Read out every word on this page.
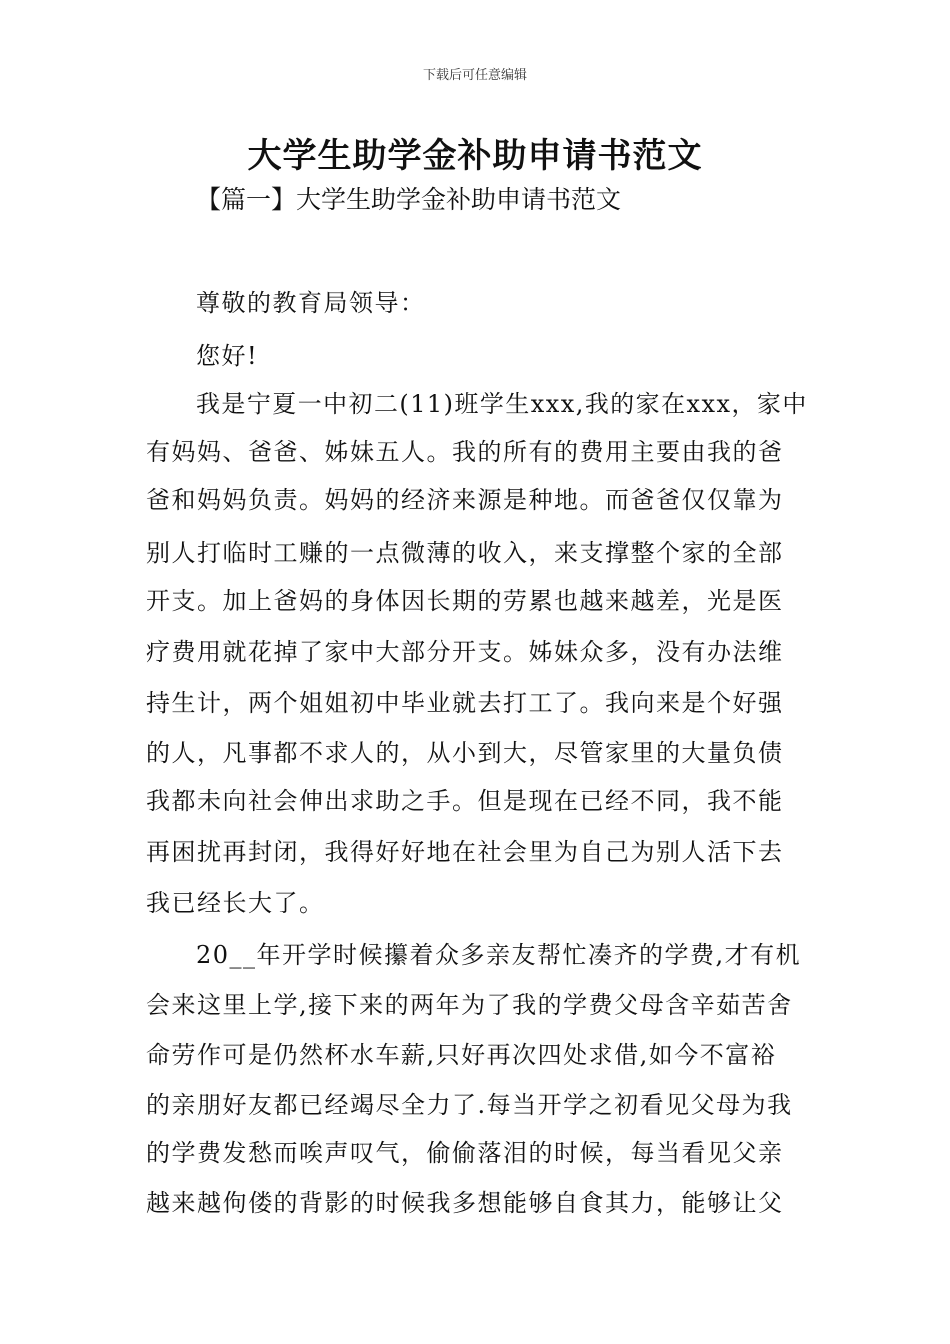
下载后可任意编辑
大学生助学金补助申请书范文
【篇一】大学生助学金补助申请书范文
尊敬的教育局领导：
您好!
我是宁夏一中初二(11)班学生xxx,我的家在xxx，家中
有妈妈、爸爸、姊妹五人。我的所有的费用主要由我的爸
爸和妈妈负责。妈妈的经济来源是种地。而爸爸仅仅靠为
别人打临时工赚的一点微薄的收入，来支撑整个家的全部
开支。加上爸妈的身体因长期的劳累也越来越差，光是医
疗费用就花掉了家中大部分开支。姊妹众多，没有办法维
持生计，两个姐姐初中毕业就去打工了。我向来是个好强
的人，凡事都不求人的，从小到大，尽管家里的大量负债
我都未向社会伸出求助之手。但是现在已经不同，我不能
再困扰再封闭，我得好好地在社会里为自己为别人活下去
我已经长大了。
20__年开学时候攥着众多亲友帮忙凑齐的学费,才有机
会来这里上学,接下来的两年为了我的学费父母含辛茹苦舍
命劳作可是仍然杯水车薪,只好再次四处求借,如今不富裕
的亲朋好友都已经竭尽全力了.每当开学之初看见父母为我
的学费发愁而唉声叹气，偷偷落泪的时候，每当看见父亲
越来越佝偻的背影的时候我多想能够自食其力，能够让父
